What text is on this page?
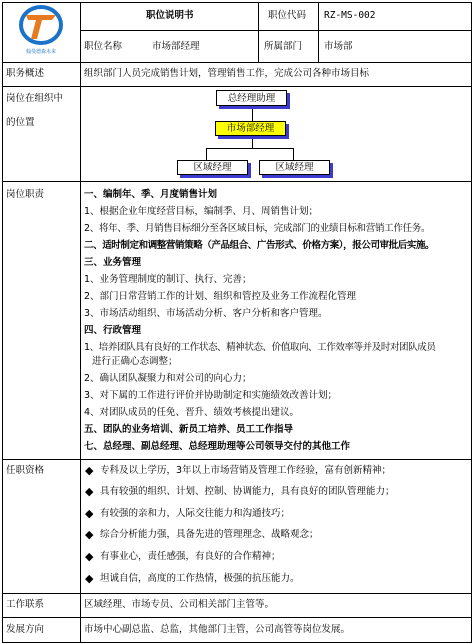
翰曼德森未来
职位说明书	职位代码 RZ-MS-002
职位名称	市场部经理	所属部门 市场部
职务概述	组织部门人员完成销售计划，管理销售工作，完成公司各种市场目标
岗位在组织中
的位置
总经理助理
市场部经理
区域经理	区域经理
岗位职责	一、编制年、季、月度销售计划
1、根据企业年度经营目标，编制季、月、周销售计划；
2、将年、季、月销售目标细分至各区域目标，完成部门的业绩目标和营销工作任务。
二、适时制定和调整营销策略（产品组合、广告形式、价格方案），报公司审批后实施。
三、业务管理
1、业务管理制度的制订、执行、完善；
2、部门日常营销工作的计划、组织和管控及业务工作流程化管理
3、市场活动组织、市场活动分析、客户分析和客户管理。
四、行政管理
1、培养团队具有良好的工作状态、精神状态、价值取向、工作效率等并及时对团队成员
进行正确心态调整；
2、确认团队凝聚力和对公司的向心力；
3、对下属的工作进行评价并协助制定和实施绩效改善计划；
4、对团队成员的任免、晋升、绩效考核提出建议。
五、团队的业务培训、新员工培养、员工工作指导
七、总经理、副总经理、总经理助理等公司领导交付的其他工作
任职资格	◆ 专科及以上学历，3年以上市场营销及管理工作经验，富有创新精神；
◆ 具有较强的组织、计划、控制、协调能力，具有良好的团队管理能力；
◆ 有较强的亲和力，人际交往能力和沟通技巧；
◆ 综合分析能力强，具备先进的管理理念、战略观念；
◆ 有事业心，责任感强，有良好的合作精神；
◆ 坦诚自信，高度的工作热情，极强的抗压能力。
工作联系	区域经理、市场专员、公司相关部门主管等。
发展方向	市场中心副总监、总监，其他部门主管，公司高管等岗位发展。
